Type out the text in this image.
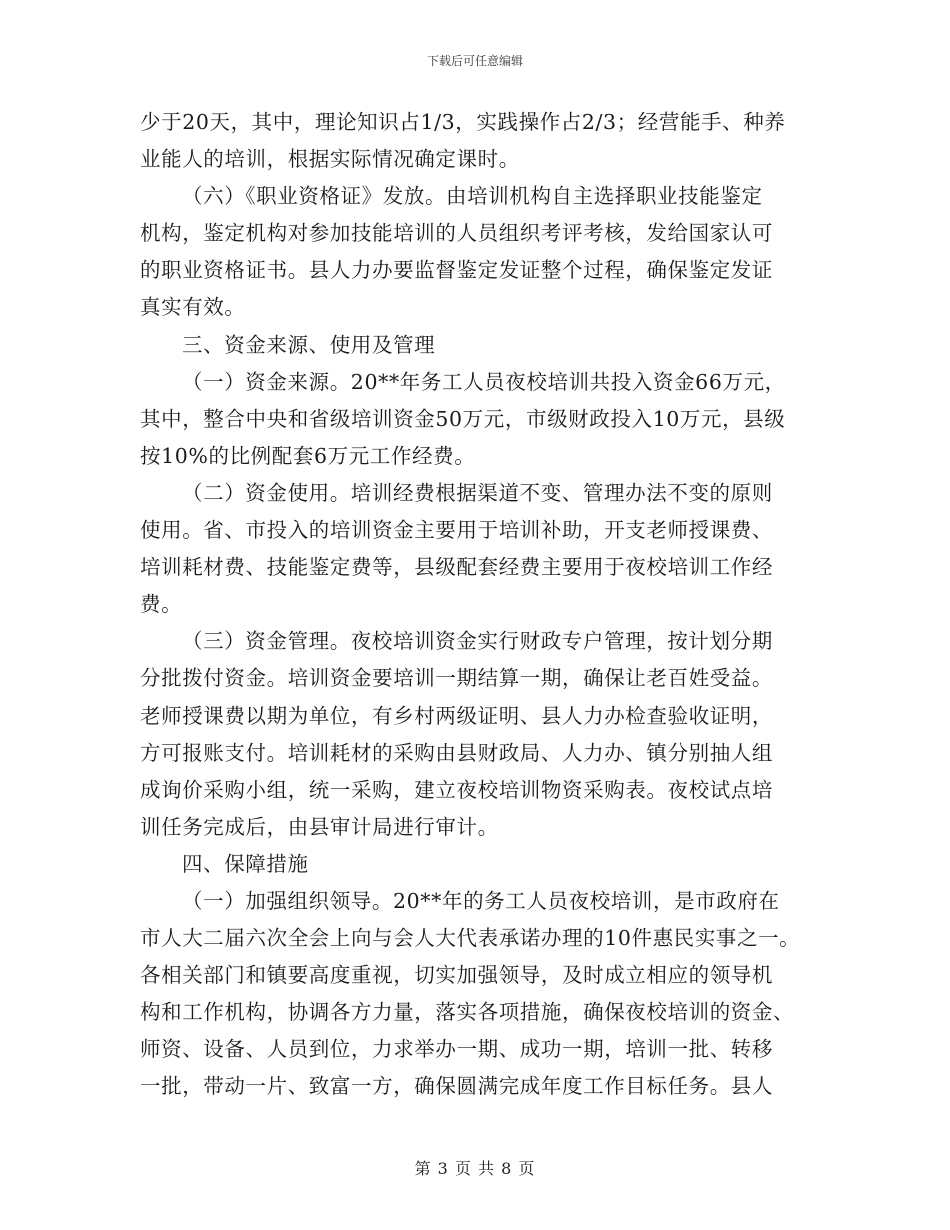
下载后可任意编辑
少于20天，其中，理论知识占1/3，实践操作占2/3；经营能手、种养
业能人的培训，根据实际情况确定课时。
（六）《职业资格证》发放。由培训机构自主选择职业技能鉴定
机构，鉴定机构对参加技能培训的人员组织考评考核，发给国家认可
的职业资格证书。县人力办要监督鉴定发证整个过程，确保鉴定发证
真实有效。
三、资金来源、使用及管理
（一）资金来源。20**年务工人员夜校培训共投入资金66万元，
其中，整合中央和省级培训资金50万元，市级财政投入10万元，县级
按10%的比例配套6万元工作经费。
（二）资金使用。培训经费根据渠道不变、管理办法不变的原则
使用。省、市投入的培训资金主要用于培训补助，开支老师授课费、
培训耗材费、技能鉴定费等，县级配套经费主要用于夜校培训工作经
费。
（三）资金管理。夜校培训资金实行财政专户管理，按计划分期
分批拨付资金。培训资金要培训一期结算一期，确保让老百姓受益。
老师授课费以期为单位，有乡村两级证明、县人力办检查验收证明，
方可报账支付。培训耗材的采购由县财政局、人力办、镇分别抽人组
成询价采购小组，统一采购，建立夜校培训物资采购表。夜校试点培
训任务完成后，由县审计局进行审计。
四、保障措施
（一）加强组织领导。20**年的务工人员夜校培训，是市政府在
市人大二届六次全会上向与会人大代表承诺办理的10件惠民实事之一。
各相关部门和镇要高度重视，切实加强领导，及时成立相应的领导机
构和工作机构，协调各方力量，落实各项措施，确保夜校培训的资金、
师资、设备、人员到位，力求举办一期、成功一期，培训一批、转移
一批，带动一片、致富一方，确保圆满完成年度工作目标任务。县人
第 3 页 共 8 页
